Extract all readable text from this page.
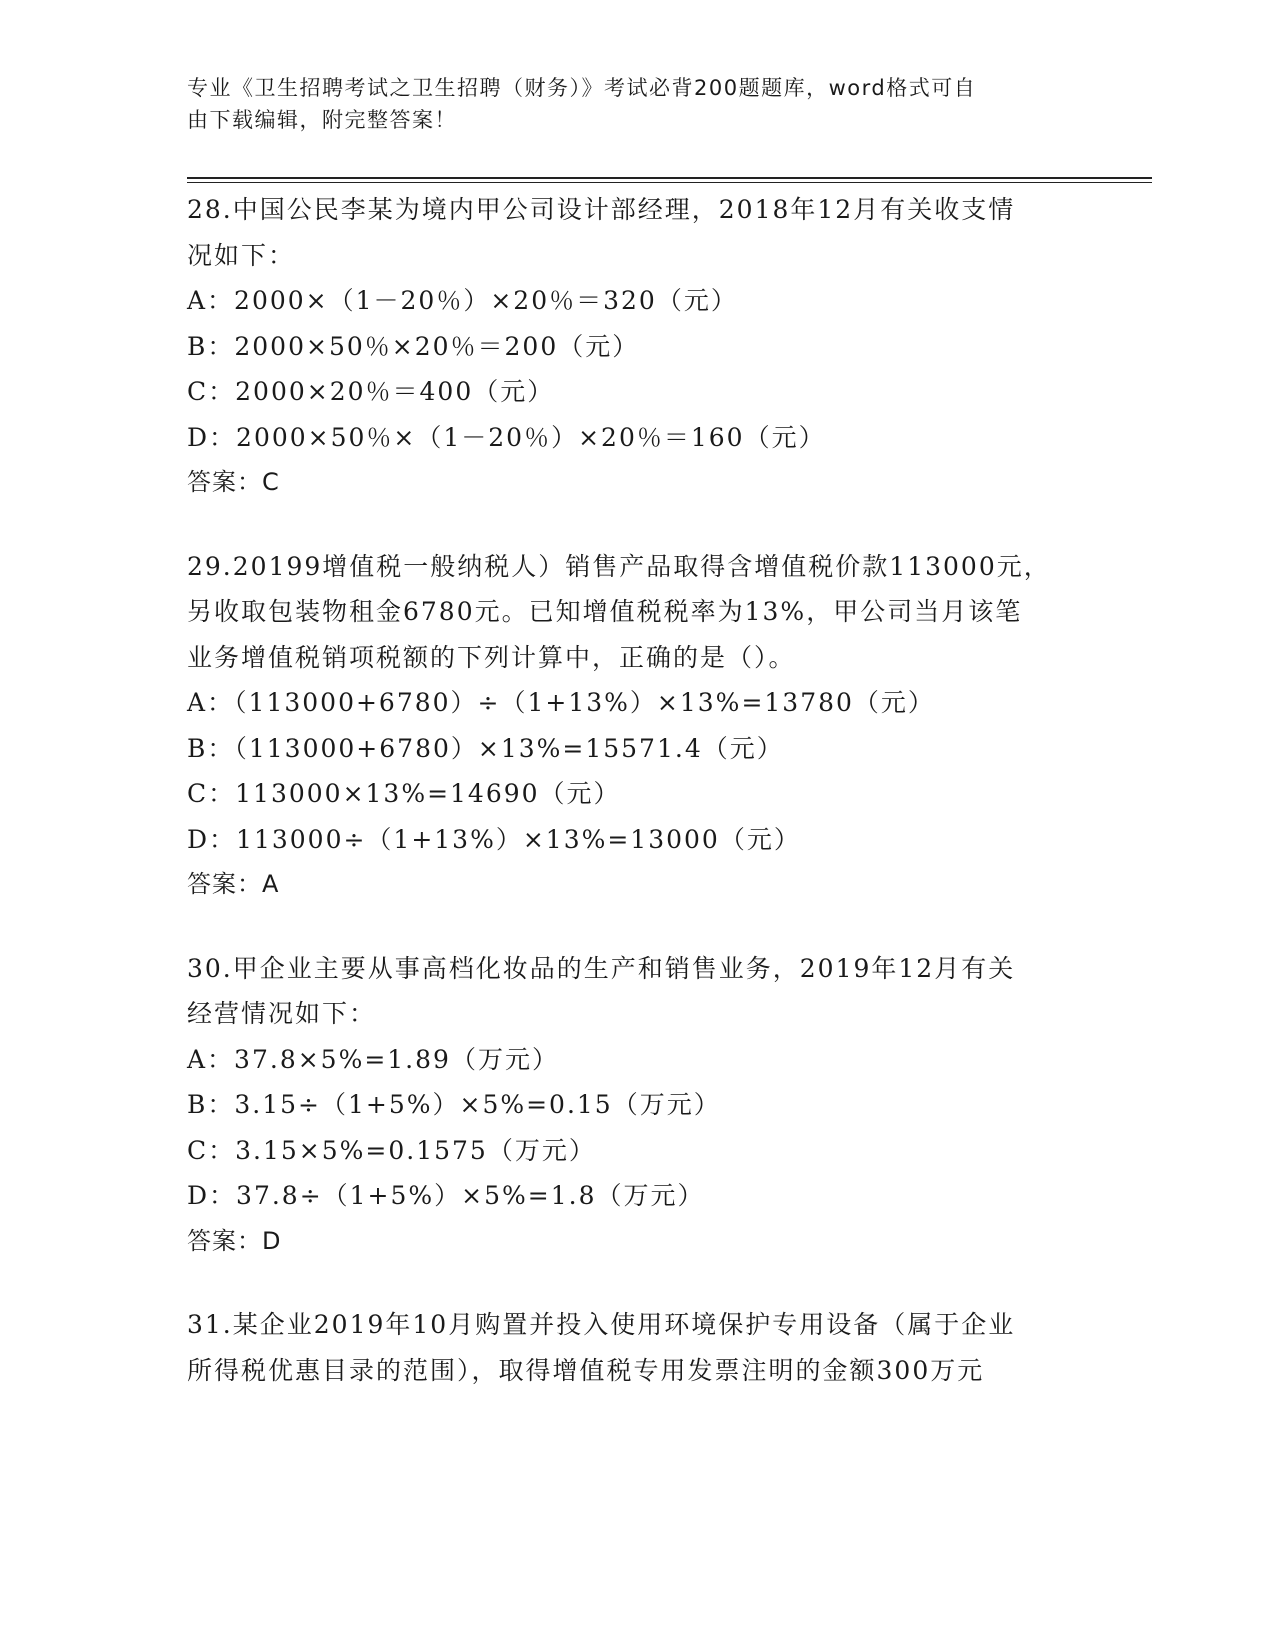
专业《卫生招聘考试之卫生招聘（财务）》考试必背200题题库，word格式可自
由下载编辑，附完整答案！
28.中国公民李某为境内甲公司设计部经理，2018年12月有关收支情
况如下：
A：2000×（1－20％）×20％＝320（元）
B：2000×50％×20％＝200（元）
C：2000×20％＝400（元）
D：2000×50％×（1－20％）×20％＝160（元）
答案：C
29.20199增值税一般纳税人）销售产品取得含增值税价款113000元，
另收取包装物租金6780元。已知增值税税率为13%，甲公司当月该笔
业务增值税销项税额的下列计算中，正确的是（）。
A：（113000+6780）÷（1+13%）×13%=13780（元）
B：（113000+6780）×13%=15571.4（元）
C：113000×13%=14690（元）
D：113000÷（1+13%）×13%=13000（元）
答案：A
30.甲企业主要从事高档化妆品的生产和销售业务，2019年12月有关
经营情况如下：
A：37.8×5%=1.89（万元）
B：3.15÷（1+5%）×5%=0.15（万元）
C：3.15×5%=0.1575（万元）
D：37.8÷（1+5%）×5%=1.8（万元）
答案：D
31.某企业2019年10月购置并投入使用环境保护专用设备（属于企业
所得税优惠目录的范围），取得增值税专用发票注明的金额300万元
